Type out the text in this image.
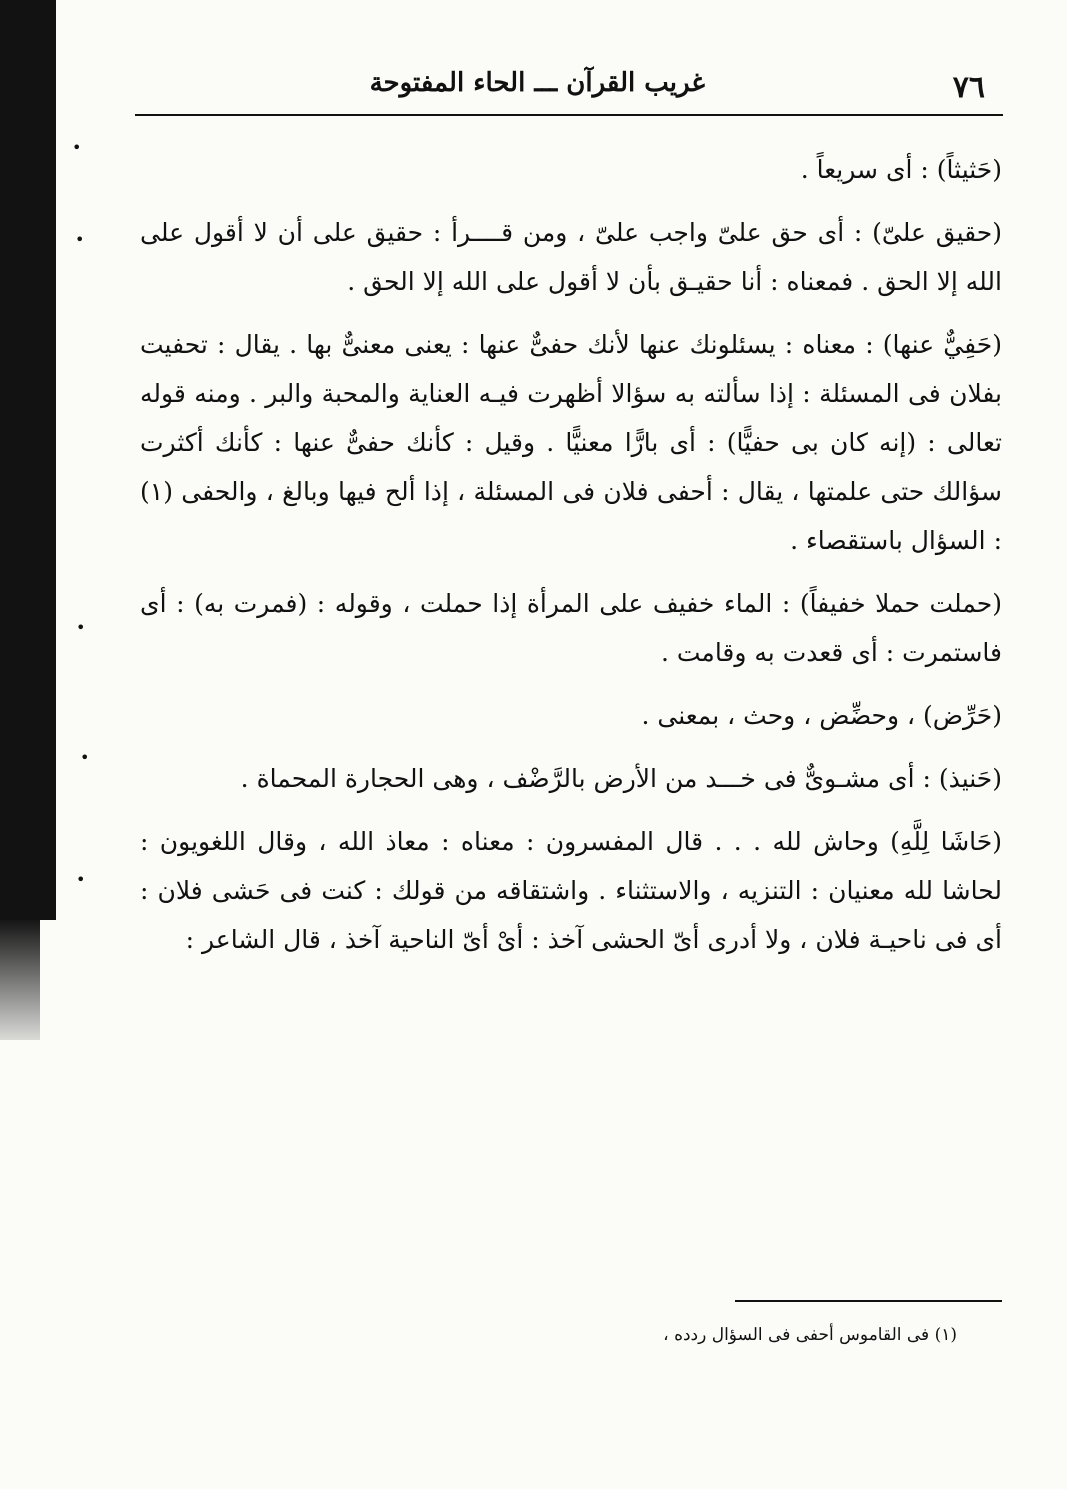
•
•
•
•
•
٧٦
غريب القرآن ـــ الحاء المفتوحة

(حَثيثاً) : أى سريعاً .

(حقيق علىّ) : أى حق علىّ واجب علىّ ، ومن قــــرأ : حقيق على أن لا أقول على الله إلا الحق . فمعناه : أنا حقيـق بأن لا أقول على الله إلا الحق .

(حَفِيٌّ عنها) : معناه : يسئلونك عنها لأنك حفىٌّ عنها : يعنى معنىٌّ بها . يقال : تحفيت بفلان فى المسئلة : إذا سألته به سؤالا أظهرت فيـه العناية والمحبة والبر . ومنه قوله تعالى : (إنه كان بى حفيًّا) : أى بارًّا معنيًّا . وقيل : كأنك حفىٌّ عنها : كأنك أكثرت سؤالك حتى علمتها ، يقال : أحفى فلان فى المسئلة ، إذا ألح فيها وبالغ ، والحفى (١) : السؤال باستقصاء .

(حملت حملا خفيفاً) : الماء خفيف على المرأة إذا حملت ، وقوله : (فمرت به) : أى فاستمرت : أى قعدت به وقامت .

(حَرِّض) ، وحضِّض ، وحث ، بمعنى .

(حَنيذ) : أى مشـوىٌّ فى خـــد من الأرض بالرَّضْف ، وهى الحجارة المحماة .

(حَاشَا لِلَّهِ) وحاش لله . . . قال المفسرون : معناه : معاذ الله ، وقال اللغويون : لحاشا لله معنيان : التنزيه ، والاستثناء . واشتقاقه من قولك : كنت فى حَشى فلان : أى فى ناحيـة فلان ، ولا أدرى أىّ الحشى آخذ : أىْ أىّ الناحية آخذ ، قال الشاعر :

(١) فى القاموس أحفى فى السؤال ردده ،
